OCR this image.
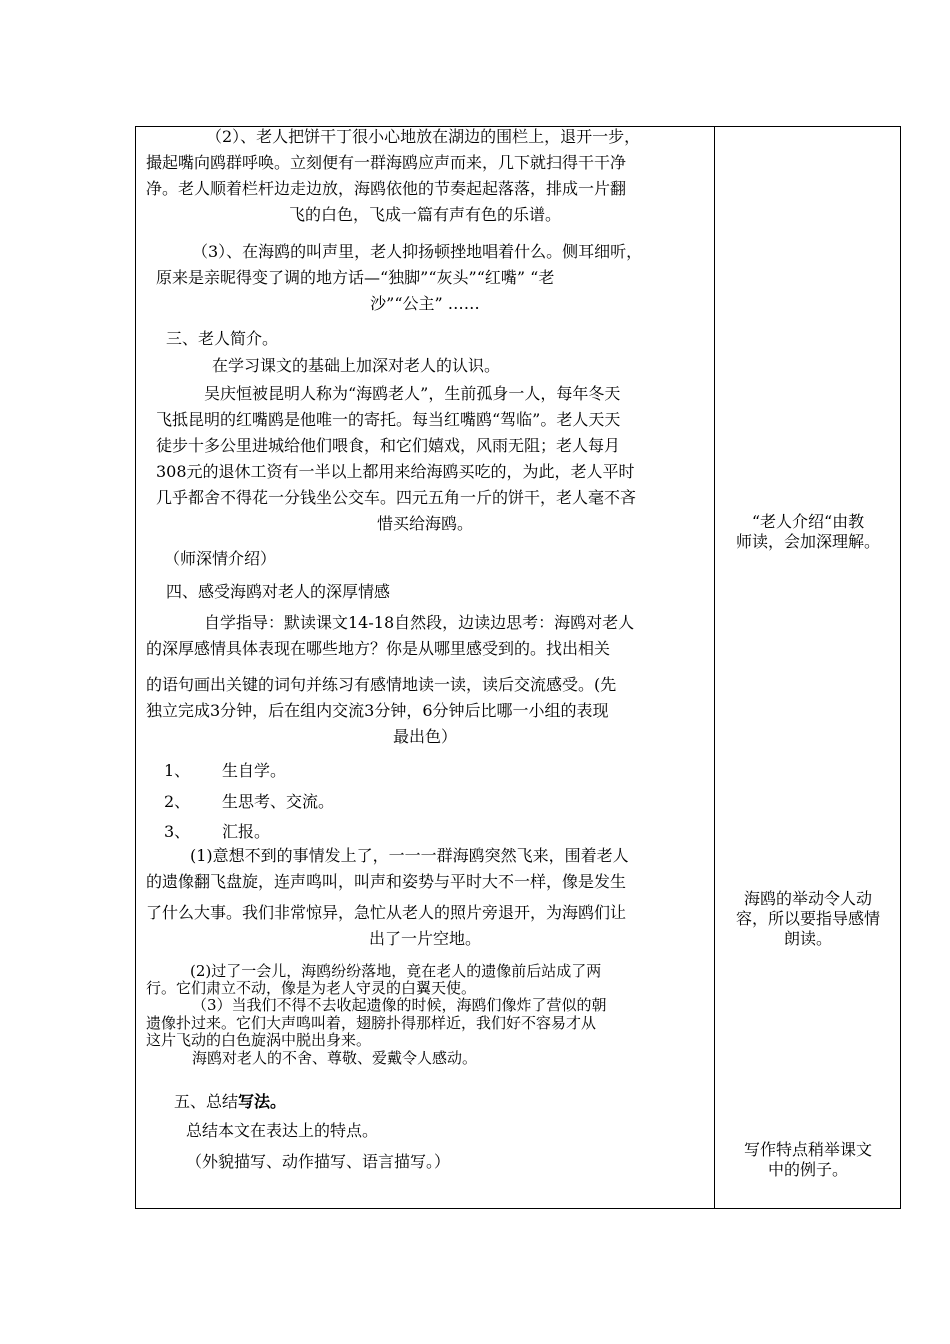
（2）、老人把饼干丁很小心地放在湖边的围栏上，退开一步，
撮起嘴向鸥群呼唤。立刻便有一群海鸥应声而来，几下就扫得干干净
净。老人顺着栏杆边走边放，海鸥依他的节奏起起落落，排成一片翻
飞的白色，飞成一篇有声有色的乐谱。
（3）、在海鸥的叫声里，老人抑扬顿挫地唱着什么。侧耳细听，
原来是亲昵得变了调的地方话—“独脚”“灰头”“红嘴” “老
沙”“公主” ……
三、老人简介。
在学习课文的基础上加深对老人的认识。
吴庆恒被昆明人称为“海鸥老人”，生前孤身一人，每年冬天
飞抵昆明的红嘴鸥是他唯一的寄托。每当红嘴鸥“驾临”。老人天天
徒步十多公里进城给他们喂食，和它们嬉戏，风雨无阻；老人每月
308元的退休工资有一半以上都用来给海鸥买吃的，为此，老人平时
几乎都舍不得花一分钱坐公交车。四元五角一斤的饼干，老人毫不吝
惜买给海鸥。
（师深情介绍）
四、感受海鸥对老人的深厚情感
自学指导：默读课文14-18自然段，边读边思考：海鸥对老人
的深厚感情具体表现在哪些地方？你是从哪里感受到的。找出相关
的语句画出关键的词句并练习有感情地读一读，读后交流感受。(先
独立完成3分钟，后在组内交流3分钟，6分钟后比哪一小组的表现
最出色）
1、 生自学。
2、 生思考、交流。
3、 汇报。
(1)意想不到的事情发上了，一一一群海鸥突然飞来，围着老人
的遗像翻飞盘旋，连声鸣叫，叫声和姿势与平时大不一样，像是发生
了什么大事。我们非常惊异，急忙从老人的照片旁退开，为海鸥们让
出了一片空地。
(2)过了一会儿，海鸥纷纷落地，竟在老人的遗像前后站成了两
行。它们肃立不动，像是为老人守灵的白翼天使。
（3）当我们不得不去收起遗像的时候，海鸥们像炸了营似的朝
遗像扑过来。它们大声鸣叫着，翅膀扑得那样近，我们好不容易才从
这片飞动的白色旋涡中脱出身来。
海鸥对老人的不舍、尊敬、爱戴令人感动。
五、总结写法。
总结本文在表达上的特点。
（外貌描写、动作描写、语言描写。）
“老人介绍“由教
师读，会加深理解。
海鸥的举动令人动
容，所以要指导感情
朗读。
写作特点稍举课文
中的例子。
